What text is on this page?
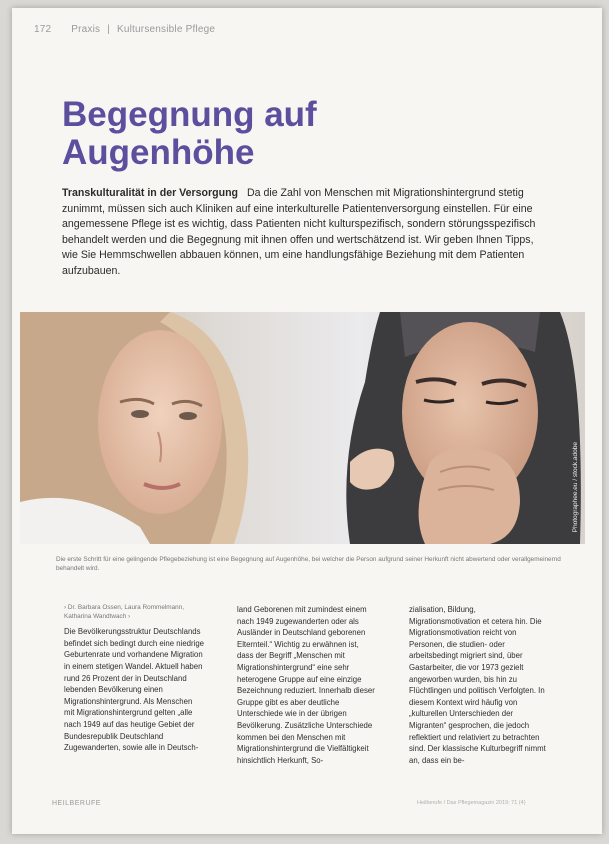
172 Praxis | Kultursensible Pflege
Begegnung auf
Augenhöhe

Transkulturalität in der Versorgung Da die Zahl von Menschen mit Migrationshintergrund stetig zunimmt, müssen sich auch Kliniken auf eine interkulturelle Patientenversorgung einstellen. Für eine angemessene Pflege ist es wichtig, dass Patienten nicht kulturspezifisch, sondern störungsspezifisch behandelt werden und die Begegnung mit ihnen offen und wertschätzend ist. Wir geben Ihnen Tipps, wie Sie Hemmschwellen abbauen können, um eine handlungsfähige Beziehung mit dem Patienten aufzubauen.

Photographee.eu / stock.adobe

Die erste Schritt für eine gelingende Pflegebeziehung ist eine Begegnung auf Augenhöhe, bei welcher die Person aufgrund seiner Herkunft nicht abwertend oder verallgemeinernd behandelt wird.

› Dr. Barbara Ossen, Laura Rommelmann, Katharina Wandtwach ›

Die Bevölkerungsstruktur Deutschlands befindet sich bedingt durch eine niedrige Geburtenrate und vorhandene Migration in einem stetigen Wandel. Aktuell haben rund 26 Prozent der in Deutschland lebenden Bevölkerung einen Migrationshintergrund. Als Menschen mit Migrationshintergrund gelten „alle nach 1949 auf das heutige Gebiet der Bundesrepublik Deutschland Zugewanderten, sowie alle in Deutsch-

land Geborenen mit zumindest einem nach 1949 zugewanderten oder als Ausländer in Deutschland geborenen Elternteil.“ Wichtig zu erwähnen ist, dass der Begriff „Menschen mit Migrationshintergrund“ eine sehr heterogene Gruppe auf eine einzige Bezeichnung reduziert. Innerhalb dieser Gruppe gibt es aber deutliche Unterschiede wie in der übrigen Bevölkerung. Zusätzliche Unterschiede kommen bei den Menschen mit Migrationshintergrund die Vielfältigkeit hinsichtlich Herkunft, So-

zialisation, Bildung, Migrationsmotivation et cetera hin. Die Migrationsmotivation reicht von Personen, die studien- oder arbeitsbedingt migriert sind, über Gastarbeiter, die vor 1973 gezielt angeworben wurden, bis hin zu Flüchtlingen und politisch Verfolgten. In diesem Kontext wird häufig von „kulturellen Unterschieden der Migranten“ gesprochen, die jedoch reflektiert und relativiert zu betrachten sind. Der klassische Kulturbegriff nimmt an, dass ein be-

HEILBERUFE	Heilberufe / Das Pflegemagazin 2019; 71 (4)
